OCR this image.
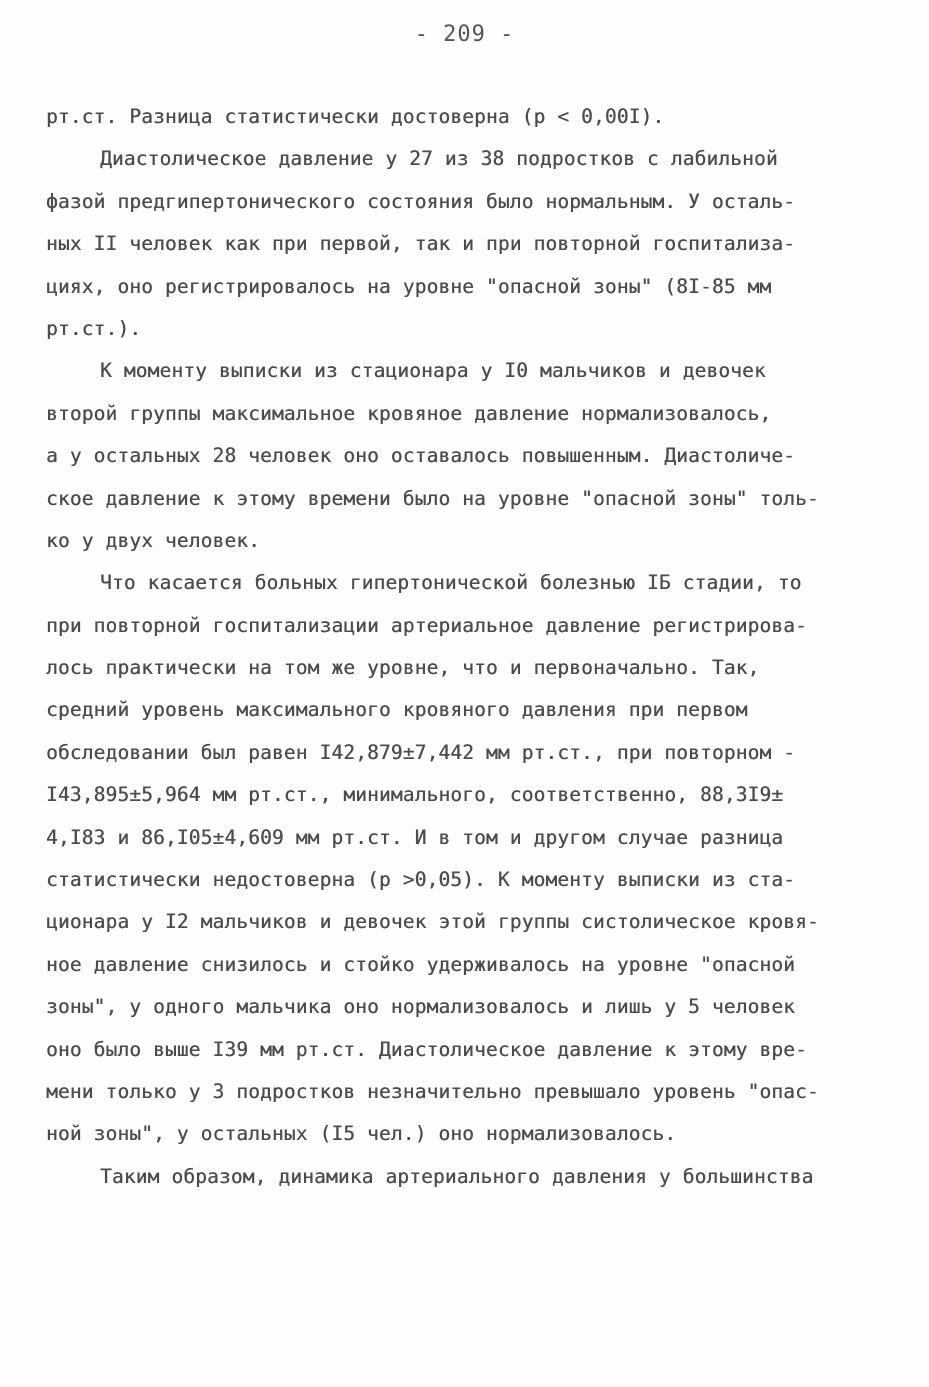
- 209 -
рт.ст. Разница статистически достоверна (р < 0,00I).
Диастолическое давление у 27 из 38 подростков с лабильной
фазой предгипертонического состояния было нормальным. У осталь-
ных II человек как при первой, так и при повторной госпитализа-
циях, оно регистрировалось на уровне "опасной зоны" (8I-85 мм
рт.ст.).
К моменту выписки из стационара у I0 мальчиков и девочек
второй группы максимальное кровяное давление нормализовалось,
а у остальных 28 человек оно оставалось повышенным. Диастоличе-
ское давление к этому времени было на уровне "опасной зоны" толь-
ко у двух человек.
Что касается больных гипертонической болезнью IБ стадии, то
при повторной госпитализации артериальное давление регистрирова-
лось практически на том же уровне, что и первоначально. Так,
средний уровень максимального кровяного давления при первом
обследовании был равен I42,879±7,442 мм рт.ст., при повторном -
I43,895±5,964 мм рт.ст., минимального, соответственно, 88,3I9±
4,I83 и 86,I05±4,609 мм рт.ст. И в том и другом случае разница
статистически недостоверна (р >0,05). К моменту выписки из ста-
ционара у I2 мальчиков и девочек этой группы систолическое кровя-
ное давление снизилось и стойко удерживалось на уровне "опасной
зоны", у одного мальчика оно нормализовалось и лишь у 5 человек
оно было выше I39 мм рт.ст. Диастолическое давление к этому вре-
мени только у 3 подростков незначительно превышало уровень "опас-
ной зоны", у остальных (I5 чел.) оно нормализовалось.
Таким образом, динамика артериального давления у большинства
